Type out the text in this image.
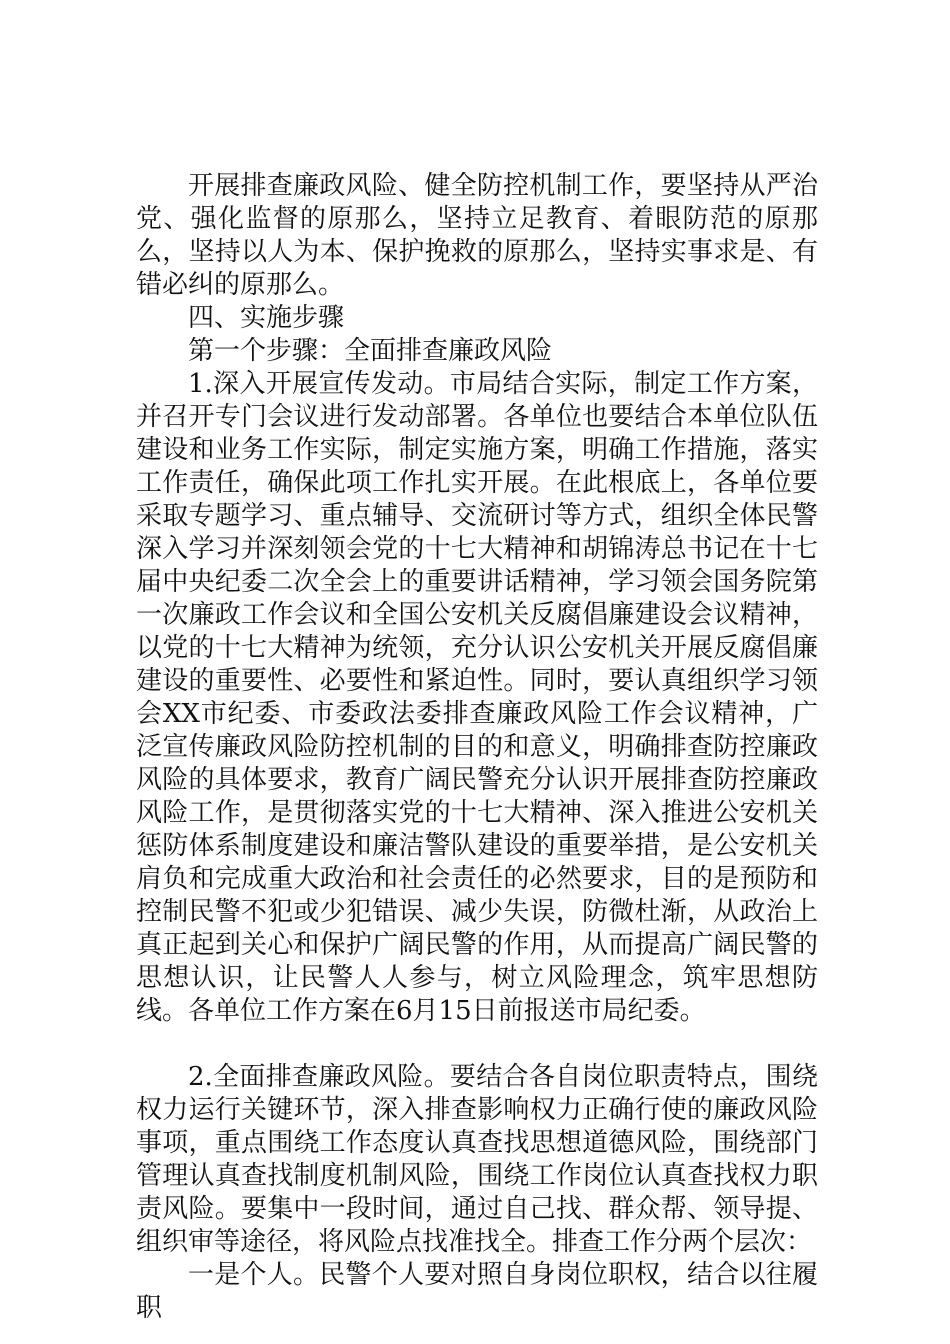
开展排查廉政风险、健全防控机制工作，要坚持从严治党、强化监督的原那么，坚持立足教育、着眼防范的原那么，坚持以人为本、保护挽救的原那么，坚持实事求是、有错必纠的原那么。

四、实施步骤

第一个步骤：全面排查廉政风险

1.深入开展宣传发动。市局结合实际，制定工作方案，并召开专门会议进行发动部署。各单位也要结合本单位队伍建设和业务工作实际，制定实施方案，明确工作措施，落实工作责任，确保此项工作扎实开展。在此根底上，各单位要采取专题学习、重点辅导、交流研讨等方式，组织全体民警深入学习并深刻领会党的十七大精神和胡锦涛总书记在十七届中央纪委二次全会上的重要讲话精神，学习领会国务院第一次廉政工作会议和全国公安机关反腐倡廉建设会议精神，以党的十七大精神为统领，充分认识公安机关开展反腐倡廉建设的重要性、必要性和紧迫性。同时，要认真组织学习领会XX市纪委、市委政法委排查廉政风险工作会议精神，广泛宣传廉政风险防控机制的目的和意义，明确排查防控廉政风险的具体要求，教育广阔民警充分认识开展排查防控廉政风险工作，是贯彻落实党的十七大精神、深入推进公安机关惩防体系制度建设和廉洁警队建设的重要举措，是公安机关肩负和完成重大政治和社会责任的必然要求，目的是预防和控制民警不犯或少犯错误、减少失误，防微杜渐，从政治上真正起到关心和保护广阔民警的作用，从而提高广阔民警的思想认识，让民警人人参与，树立风险理念，筑牢思想防线。各单位工作方案在6月15日前报送市局纪委。

2.全面排查廉政风险。要结合各自岗位职责特点，围绕权力运行关键环节，深入排查影响权力正确行使的廉政风险事项，重点围绕工作态度认真查找思想道德风险，围绕部门管理认真查找制度机制风险，围绕工作岗位认真查找权力职责风险。要集中一段时间，通过自己找、群众帮、领导提、组织审等途径，将风险点找准找全。排查工作分两个层次：

一是个人。民警个人要对照自身岗位职权，结合以往履职
